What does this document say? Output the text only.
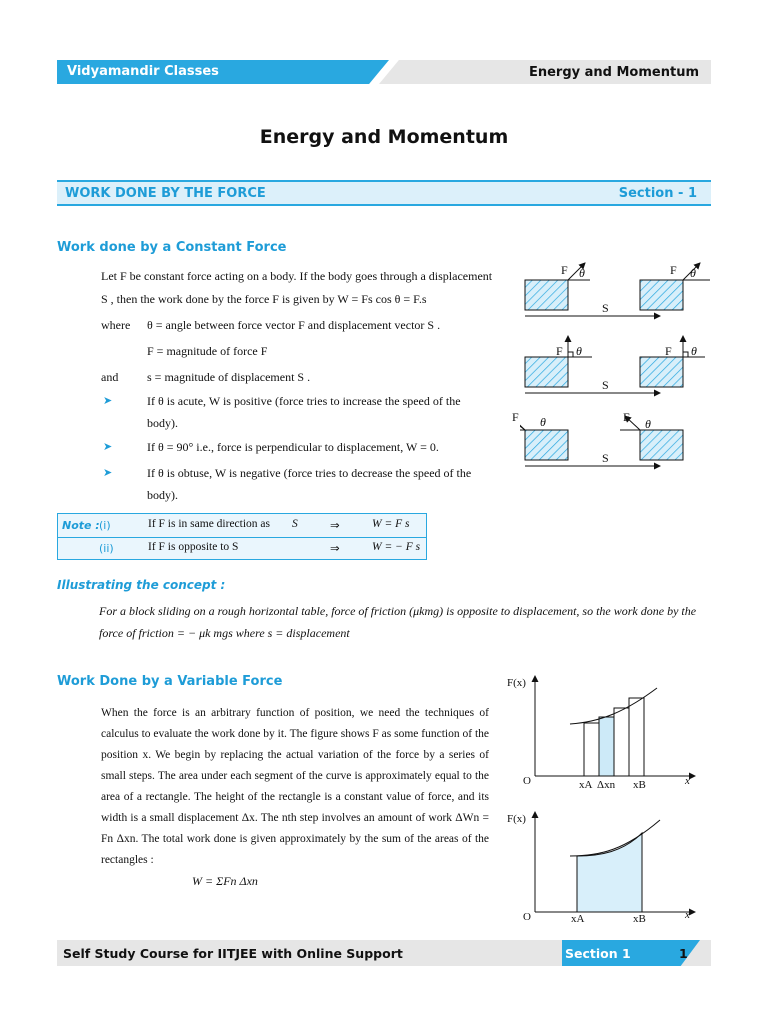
Vidyamandir Classes	Energy and Momentum
Energy and Momentum
WORK DONE BY THE FORCE	Section - 1
Work done by a Constant Force
Let F be constant force acting on a body. If the body goes through a displacement
S , then the work done by the force F is given by W = Fs cos θ = F.s
where θ = angle between force vector F and displacement vector S .
F = magnitude of force F
and s = magnitude of displacement S .
➤	If θ is acute, W is positive (force tries to increase the speed of the
body).
➤	If θ = 90° i.e., force is perpendicular to displacement, W = 0.
➤	If θ is obtuse, W is negative (force tries to decrease the speed of the
body).
Note : (i)	If F is in same direction as S	⇒	W = F s
(ii)	If F is opposite to S	⇒	W = − F s
F θ	F θ
S
F θ	F θ
S
θ	θ
S
F	F
Illustrating the concept :
For a block sliding on a rough horizontal table, force of friction (μkmg) is opposite to displacement, so the work done by the force of friction = − μk mgs where s = displacement
Work Done by a Variable Force
When the force is an arbitrary function of position, we need the techniques of calculus to evaluate the work done by it. The figure shows F as some function of the position x. We begin by replacing the actual variation of the force by a series of small steps. The area under each segment of the curve is approximately equal to the area of a rectangle. The height of the rectangle is a constant value of force, and its width is a small displacement Δx. The nth step involves an amount of work ΔWn = Fn Δxn. The total work done is given approximately by the sum of the areas of the rectangles :
W = ΣFn Δxn
F(x)
O	x
xA Δxn xB
F(x)
O	x
xA	xB
Self Study Course for IITJEE with Online Support	Section 1	1
